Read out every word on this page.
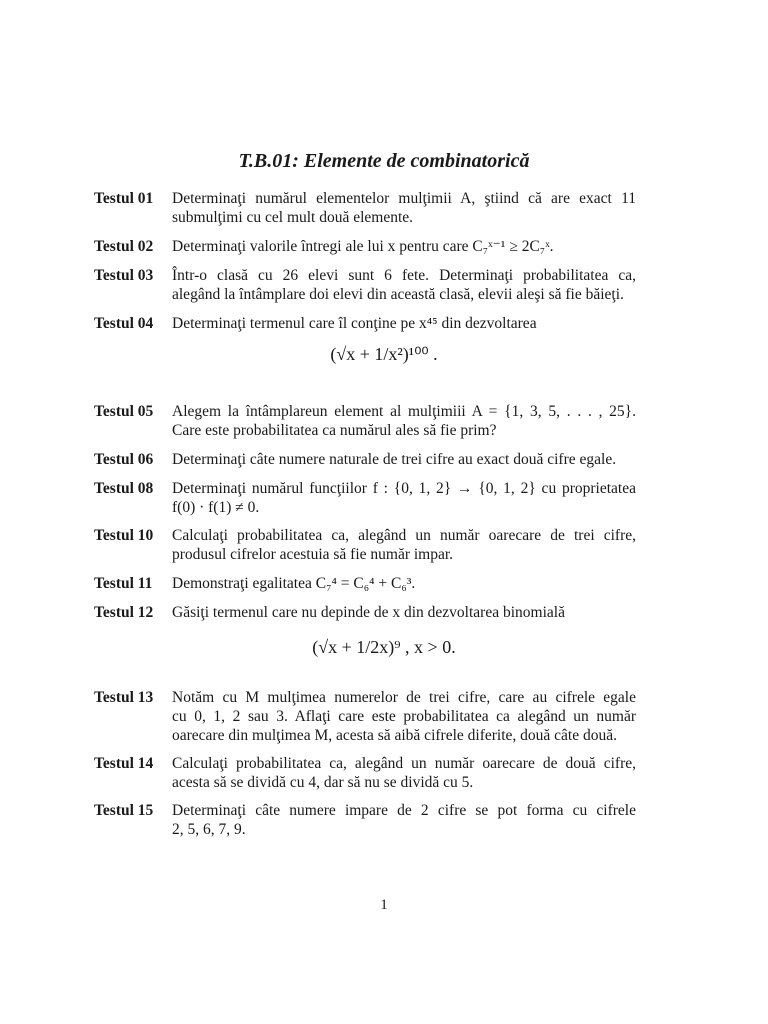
T.B.01: Elemente de combinatorică
Testul 01 Determinaţi numărul elementelor mulţimii A, ştiind că are exact 11
submulţimi cu cel mult două elemente.
Testul 02 Determinaţi valorile întregi ale lui x pentru care C₇ˣ⁻¹ ≥ 2C₇ˣ.
Testul 03 Într-o clasă cu 26 elevi sunt 6 fete. Determinaţi probabilitatea ca,
alegând la întâmplare doi elevi din această clasă, elevii aleşi să fie băieţi.
Testul 04 Determinaţi termenul care îl conţine pe x⁴⁵ din dezvoltarea
(√x + 1/x²)¹⁰⁰ .
Testul 05 Alegem la întâmplareun element al mulţimiii A = {1, 3, 5, . . . , 25}.
Care este probabilitatea ca numărul ales să fie prim?
Testul 06 Determinaţi câte numere naturale de trei cifre au exact două cifre egale.
Testul 08 Determinaţi numărul funcţiilor f : {0, 1, 2} → {0, 1, 2} cu proprietatea
f(0) · f(1) ≠ 0.
Testul 10 Calculaţi probabilitatea ca, alegând un număr oarecare de trei cifre,
produsul cifrelor acestuia să fie număr impar.
Testul 11 Demonstraţi egalitatea C₇⁴ = C₆⁴ + C₆³.
Testul 12 Găsiţi termenul care nu depinde de x din dezvoltarea binomială
(√x + 1/2x)⁹ , x > 0.
Testul 13 Notăm cu M mulţimea numerelor de trei cifre, care au cifrele egale
cu 0, 1, 2 sau 3. Aflaţi care este probabilitatea ca alegând un număr
oarecare din mulţimea M, acesta să aibă cifrele diferite, două câte două.
Testul 14 Calculaţi probabilitatea ca, alegând un număr oarecare de două cifre,
acesta să se dividă cu 4, dar să nu se dividă cu 5.
Testul 15 Determinaţi câte numere impare de 2 cifre se pot forma cu cifrele
2, 5, 6, 7, 9.
1
